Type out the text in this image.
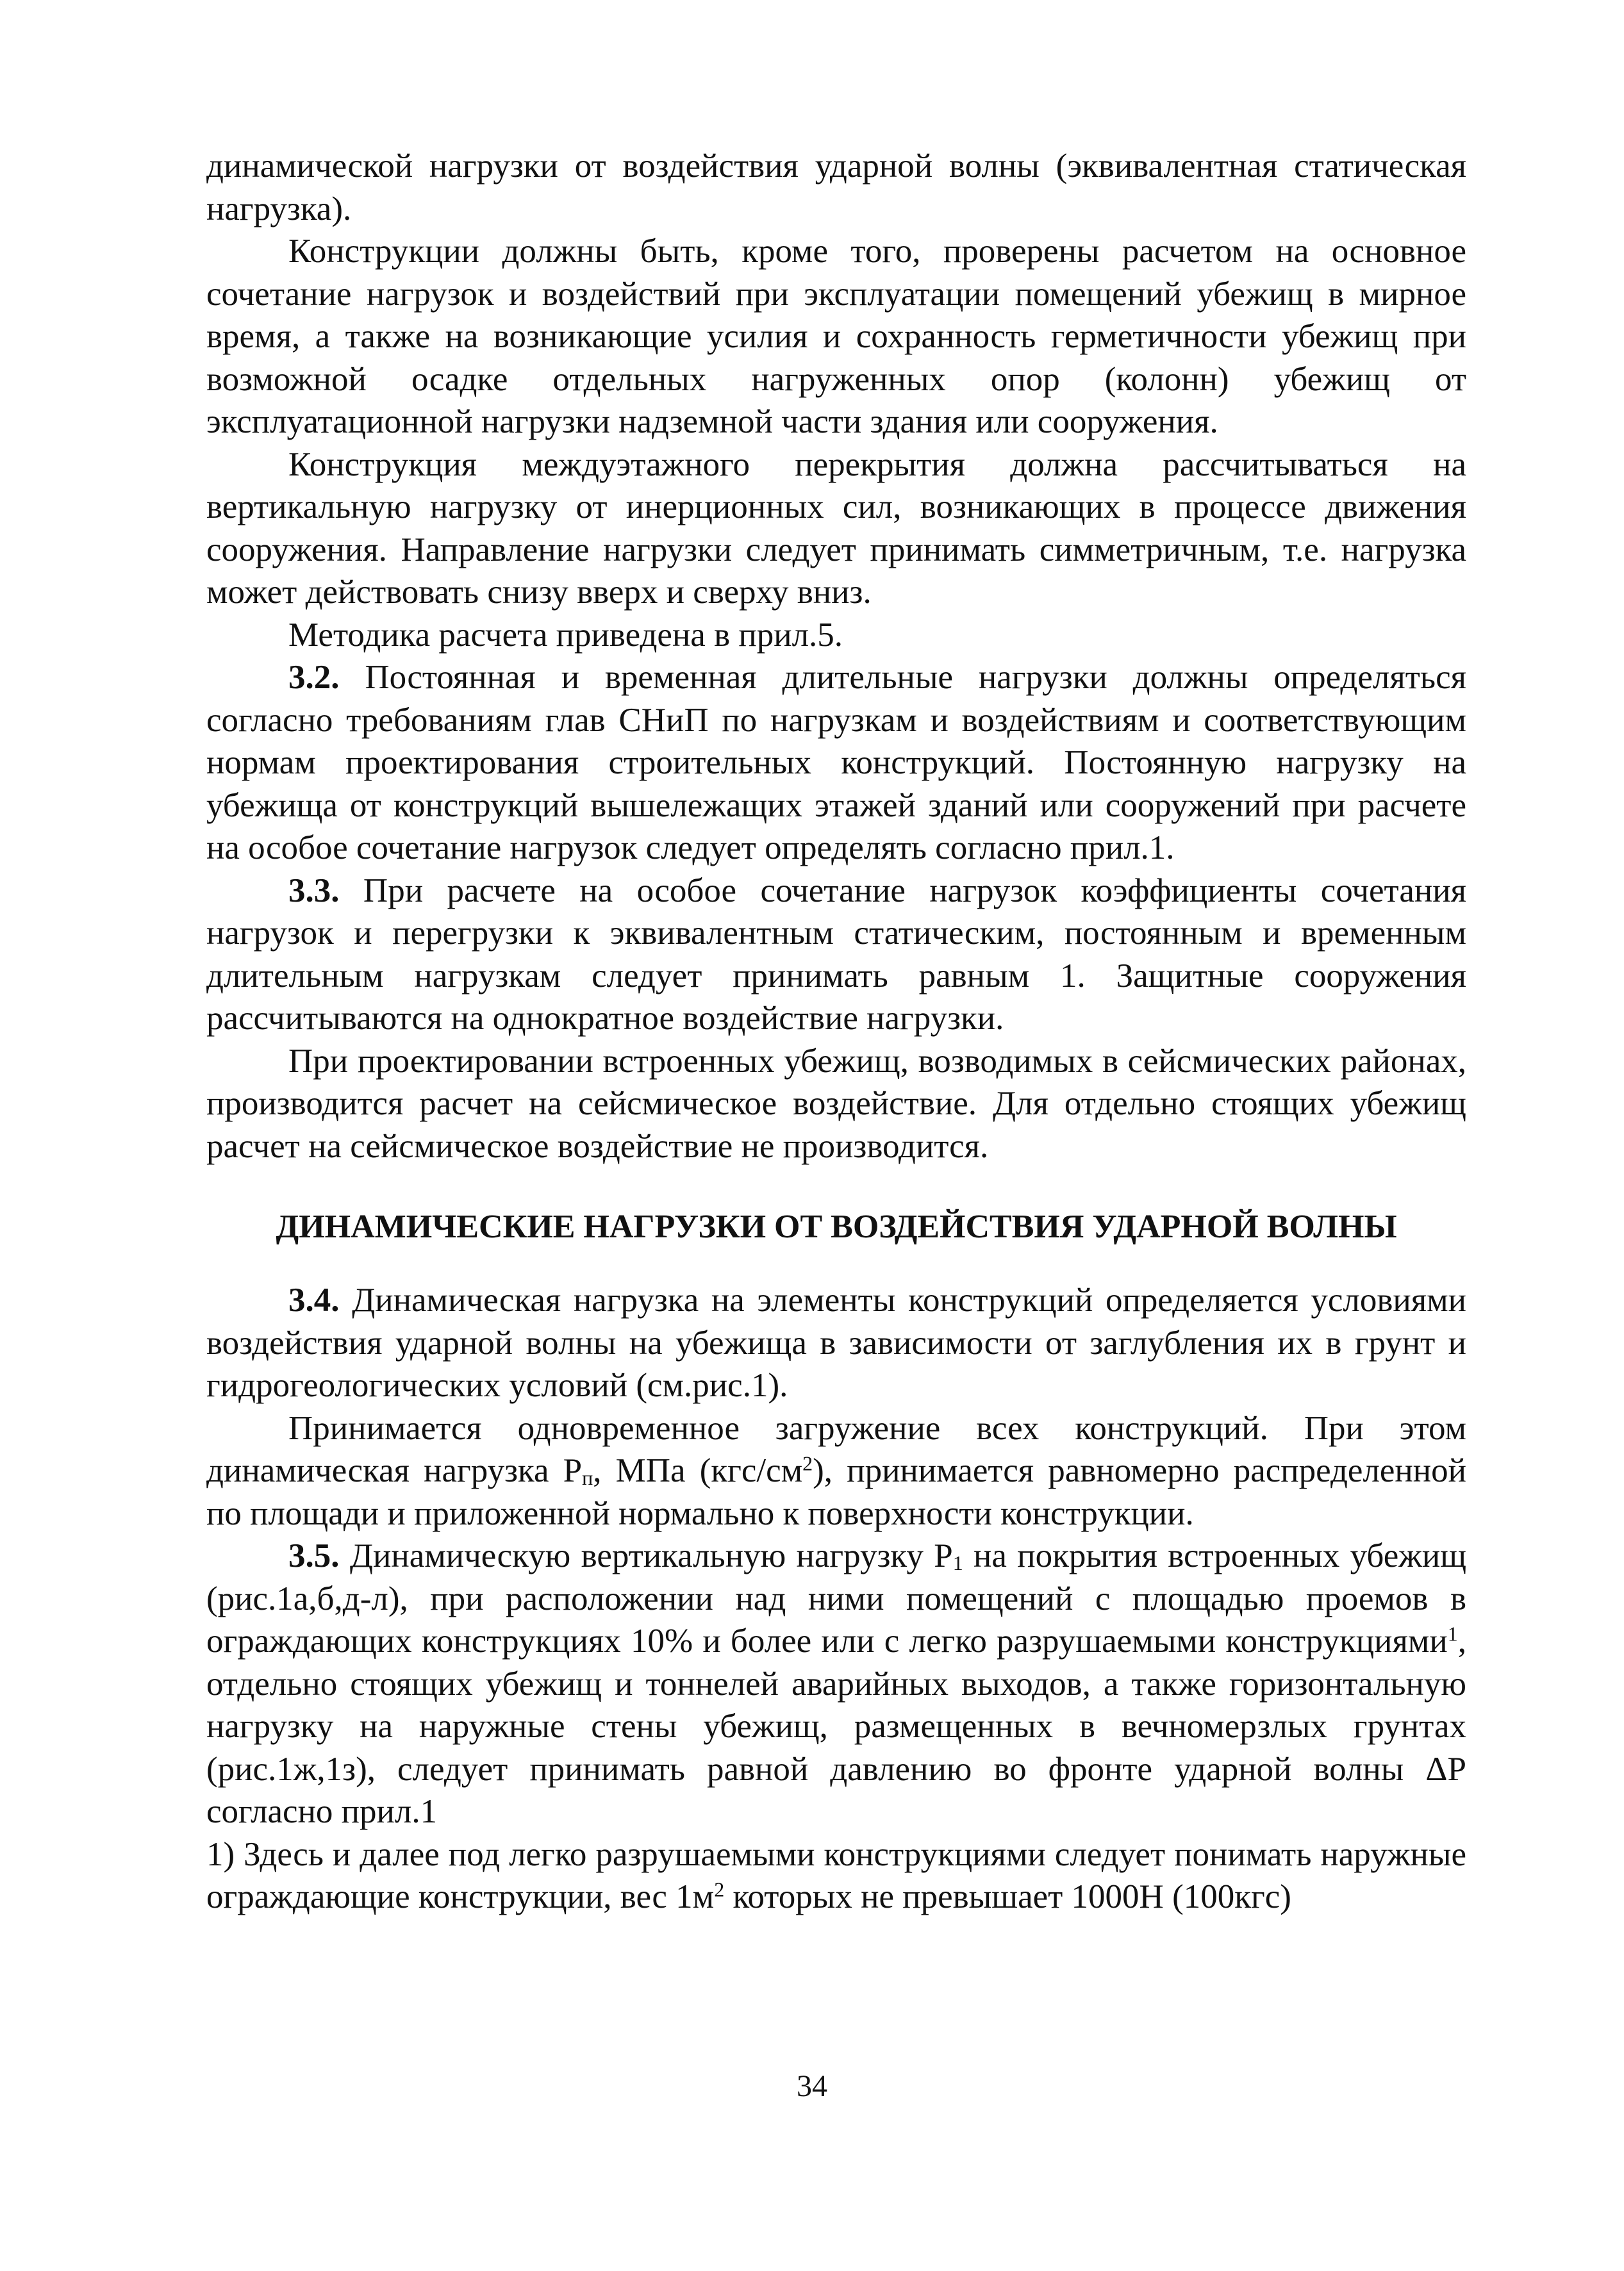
динамической нагрузки от воздействия ударной волны (эквивалентная статическая нагрузка).

Конструкции должны быть, кроме того, проверены расчетом на основное сочетание нагрузок и воздействий при эксплуатации помещений убежищ в мирное время, а также на возникающие усилия и сохранность герметичности убежищ при возможной осадке отдельных нагруженных опор (колонн) убежищ от эксплуатационной нагрузки надземной части здания или сооружения.

Конструкция междуэтажного перекрытия должна рассчитываться на вертикальную нагрузку от инерционных сил, возникающих в процессе движения сооружения. Направление нагрузки следует принимать симметричным, т.е. нагрузка может действовать снизу вверх и сверху вниз.

Методика расчета приведена в прил.5.

3.2. Постоянная и временная длительные нагрузки должны определяться согласно требованиям глав СНиП по нагрузкам и воздействиям и соответствующим нормам проектирования строительных конструкций. Постоянную нагрузку на убежища от конструкций вышележащих этажей зданий или сооружений при расчете на особое сочетание нагрузок следует определять согласно прил.1.

3.3. При расчете на особое сочетание нагрузок коэффициенты сочетания нагрузок и перегрузки к эквивалентным статическим, постоянным и временным длительным нагрузкам следует принимать равным 1. Защитные сооружения рассчитываются на однократное воздействие нагрузки.

При проектировании встроенных убежищ, возводимых в сейсмических районах, производится расчет на сейсмическое воздействие. Для отдельно стоящих убежищ расчет на сейсмическое воздействие не производится.

ДИНАМИЧЕСКИЕ НАГРУЗКИ ОТ ВОЗДЕЙСТВИЯ УДАРНОЙ ВОЛНЫ

3.4. Динамическая нагрузка на элементы конструкций определяется условиями воздействия ударной волны на убежища в зависимости от заглубления их в грунт и гидрогеологических условий (см.рис.1).

Принимается одновременное загружение всех конструкций. При этом динамическая нагрузка $P_п$, МПа $(кгс/см^2)$, принимается равномерно распределенной по площади и приложенной нормально к поверхности конструкции.

3.5. Динамическую вертикальную нагрузку $P_1$ на покрытия встроенных убежищ (рис.1а,б,д-л), при расположении над ними помещений с площадью проемов в ограждающих конструкциях 10% и более или с легко разрушаемыми конструкциями$^1$, отдельно стоящих убежищ и тоннелей аварийных выходов, а также горизонтальную нагрузку на наружные стены убежищ, размещенных в вечномерзлых грунтах (рис.1ж,1з), следует принимать равной давлению во фронте ударной волны ΔP согласно прил.1

1) Здесь и далее под легко разрушаемыми конструкциями следует понимать наружные ограждающие конструкции, вес $1м^2$ которых не превышает 1000Н (100кгс)

34
